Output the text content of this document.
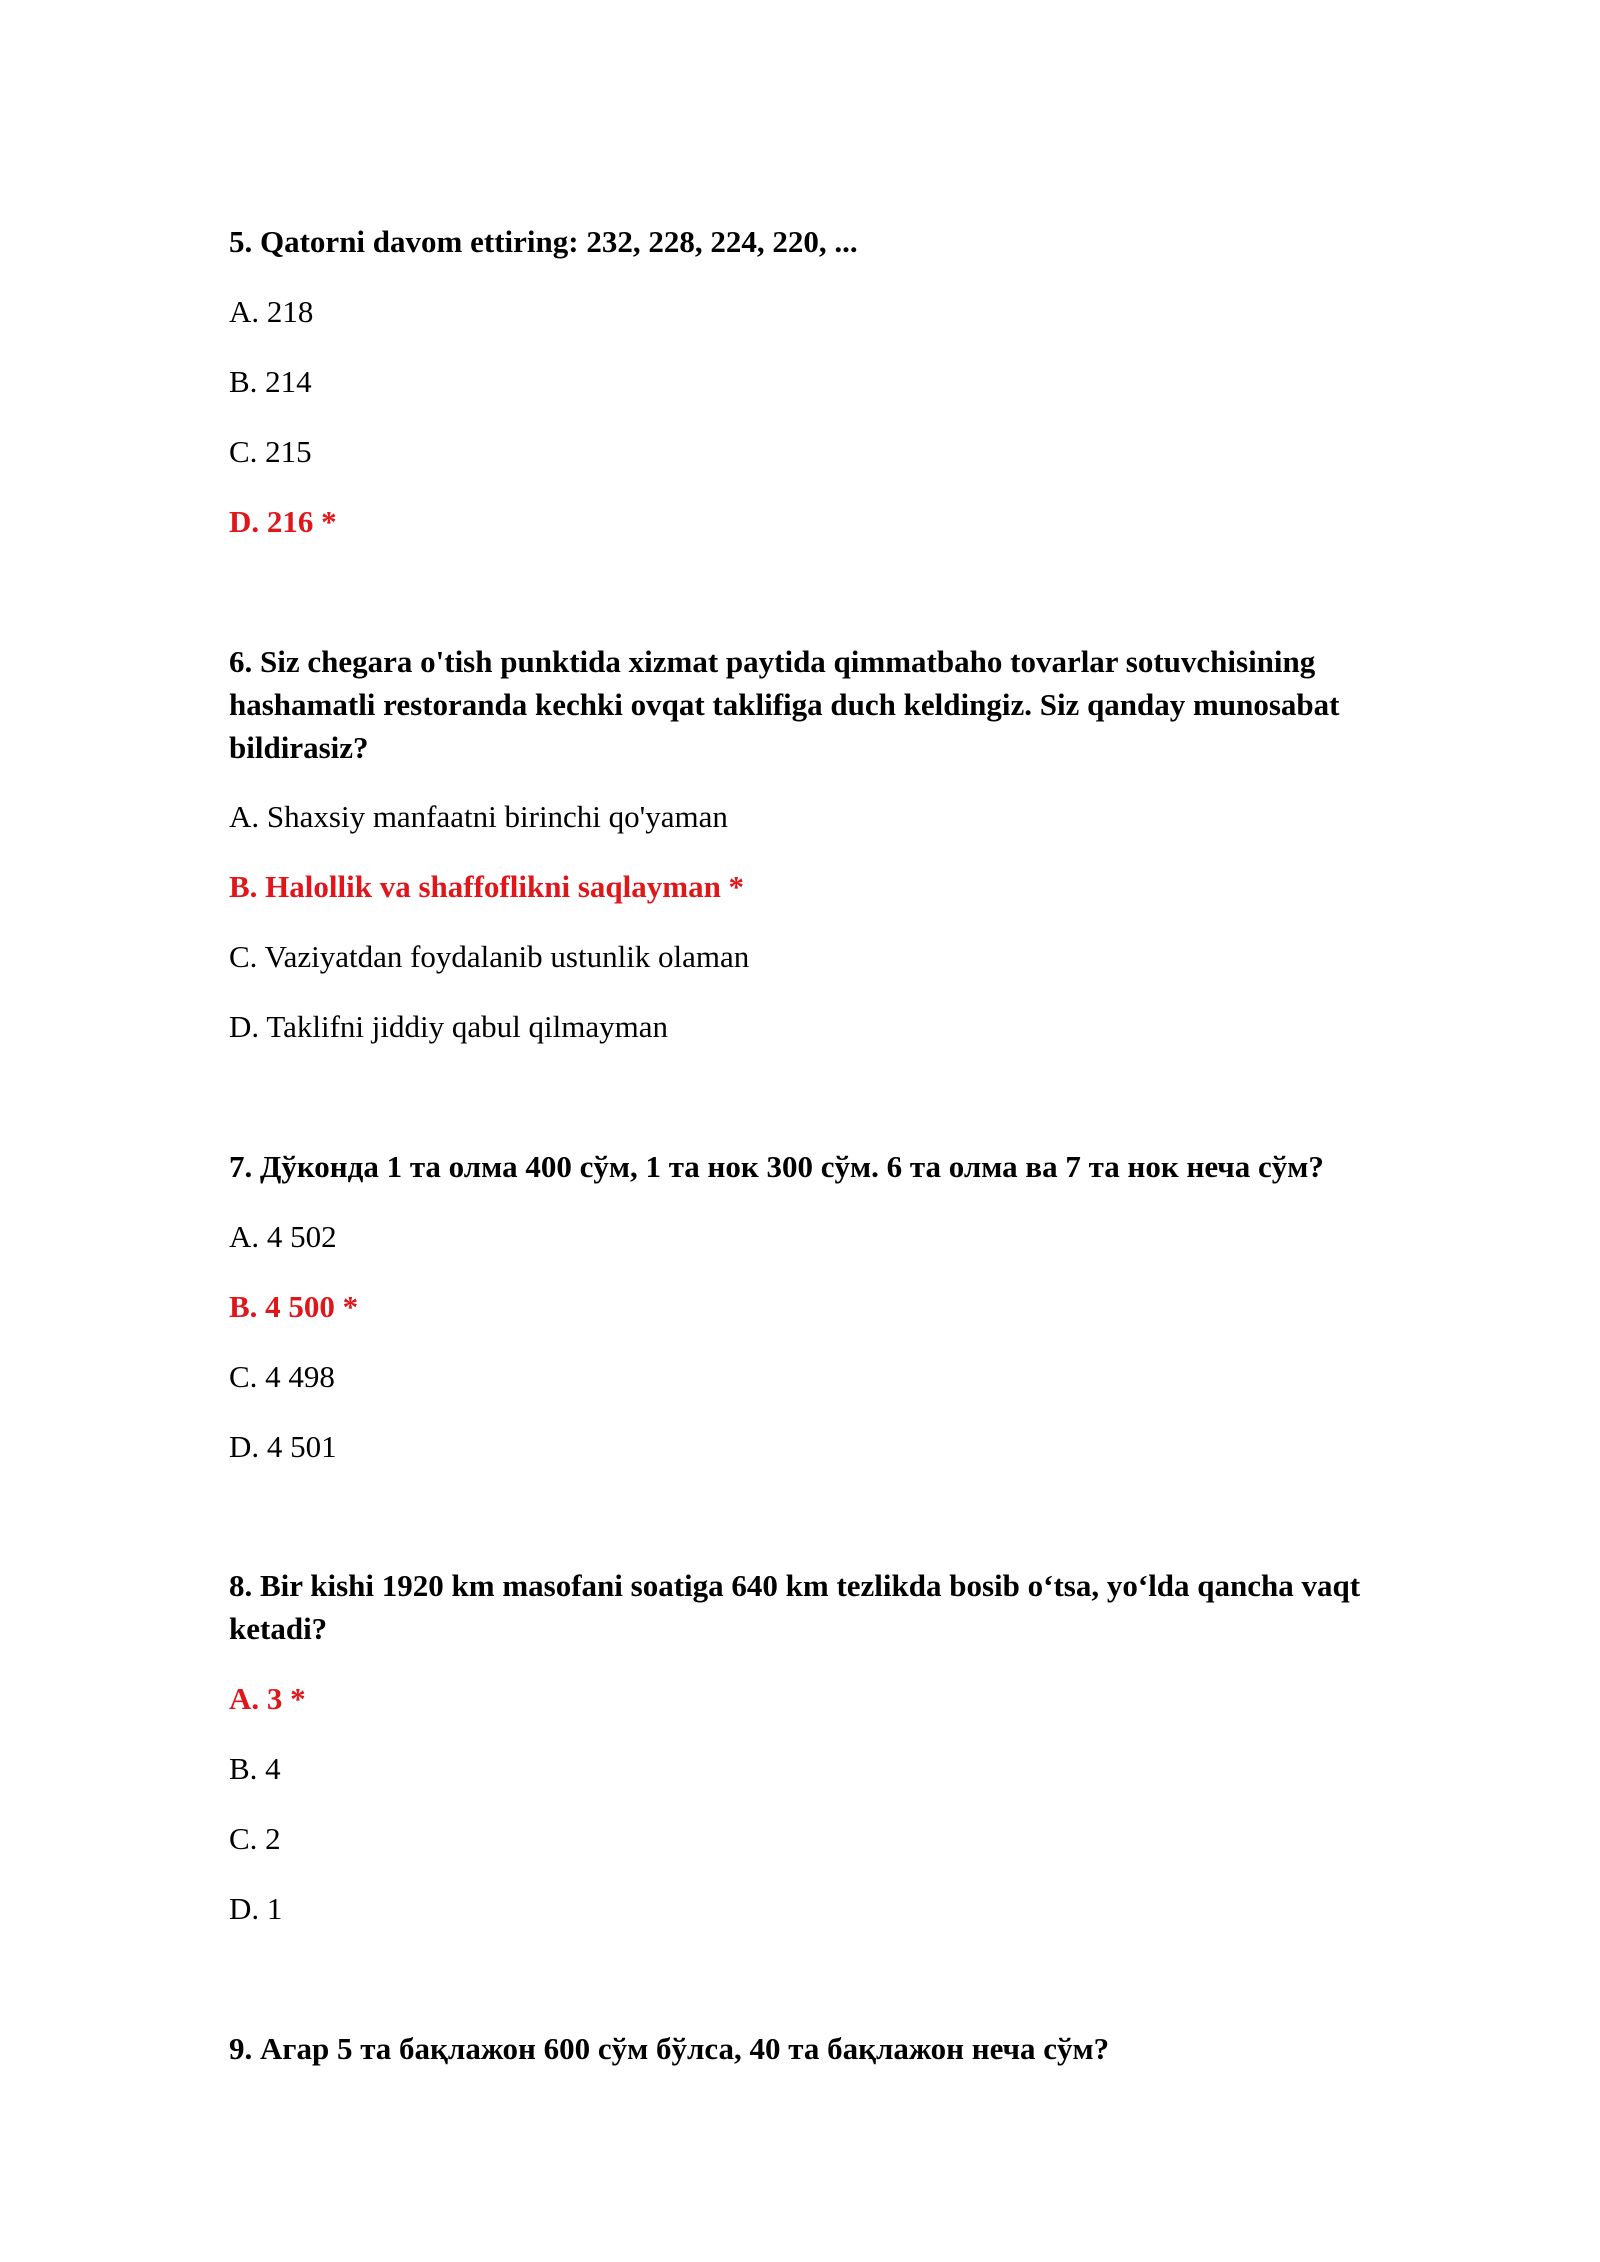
5. Qatorni davom ettiring: 232, 228, 224, 220, ...
A. 218
B. 214
C. 215
D. 216 *
6. Siz chegara o'tish punktida xizmat paytida qimmatbaho tovarlar sotuvchisining
hashamatli restoranda kechki ovqat taklifiga duch keldingiz. Siz qanday munosabat
bildirasiz?
A. Shaxsiy manfaatni birinchi qo'yaman
B. Halollik va shaffoflikni saqlayman *
C. Vaziyatdan foydalanib ustunlik olaman
D. Taklifni jiddiy qabul qilmayman
7. Дўконда 1 та олма 400 сўм, 1 та нок 300 сўм. 6 та олма ва 7 та нок неча сўм?
A. 4 502
B. 4 500 *
C. 4 498
D. 4 501
8. Bir kishi 1920 km masofani soatiga 640 km tezlikda bosib o‘tsa, yo‘lda qancha vaqt
ketadi?
A. 3 *
B. 4
C. 2
D. 1
9. Агар 5 та бақлажон 600 сўм бўлса, 40 та бақлажон неча сўм?
